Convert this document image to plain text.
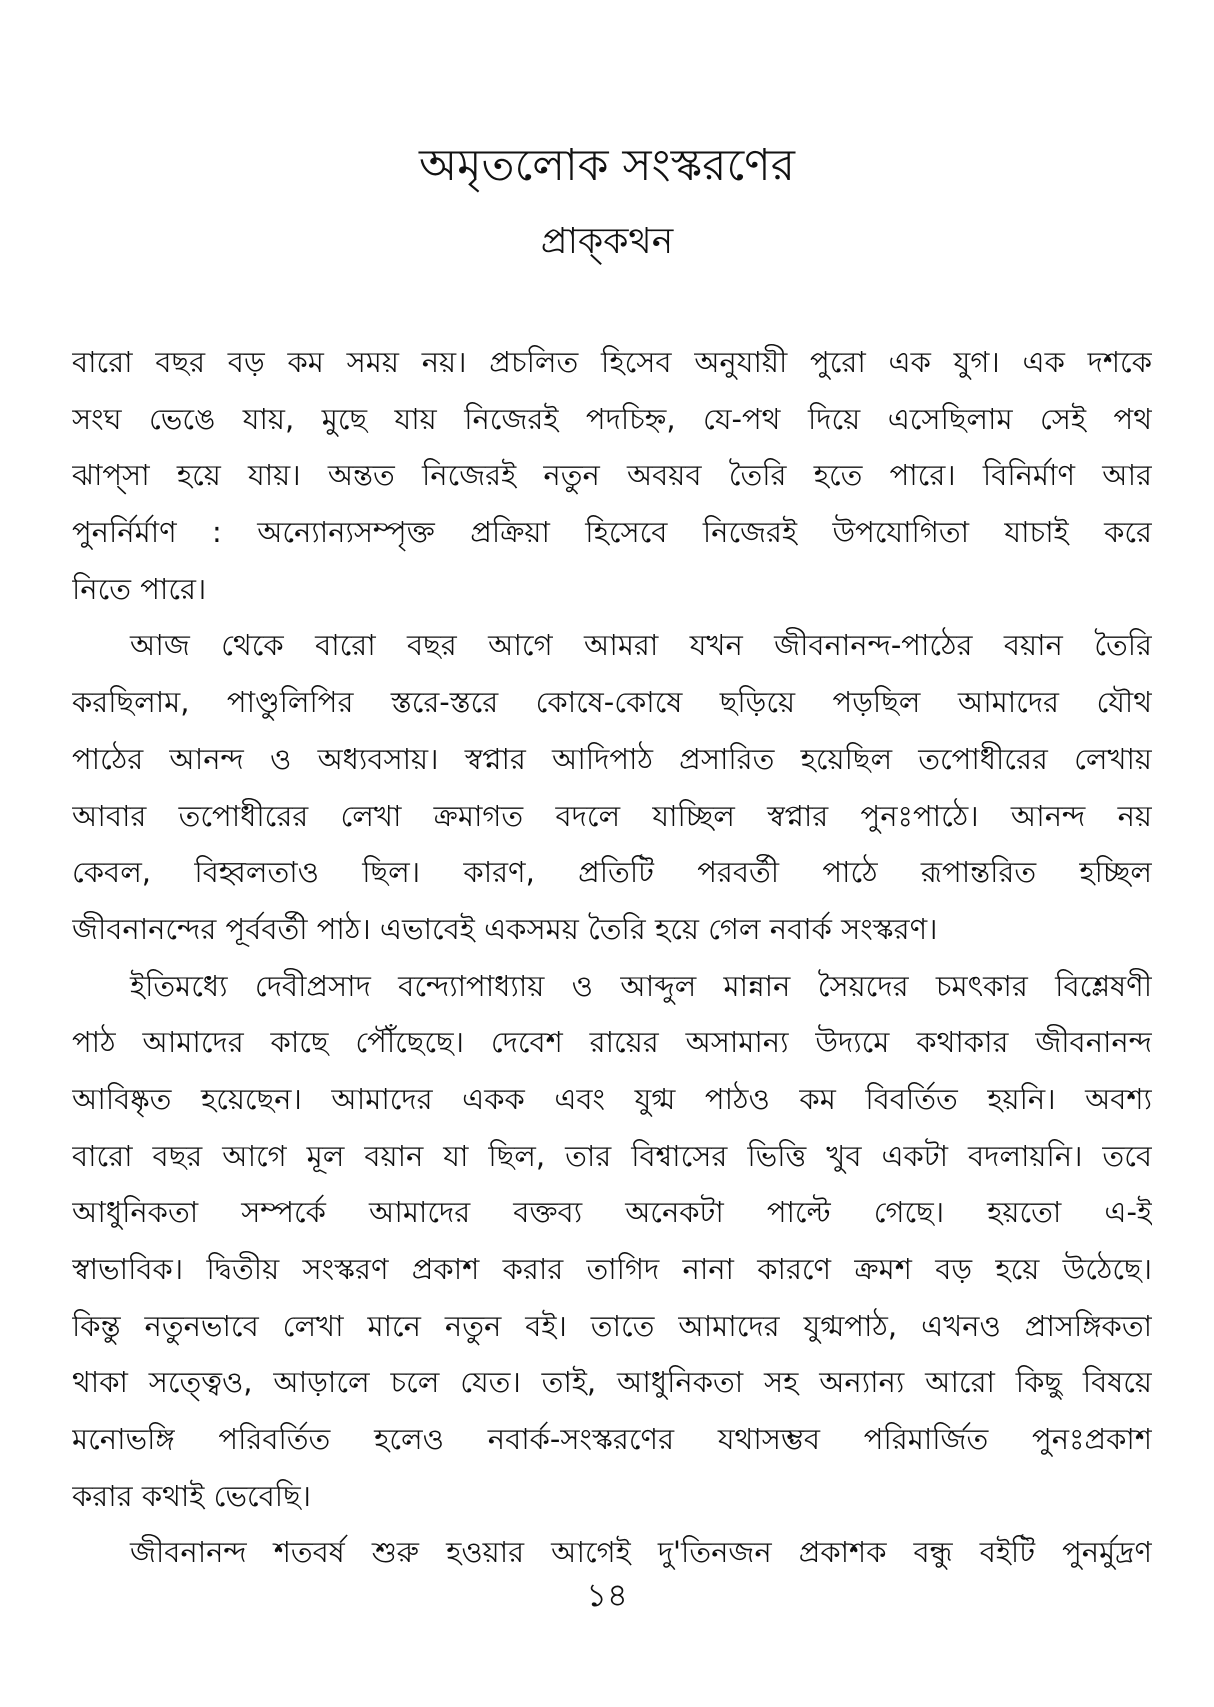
অমৃতলোক সংস্করণের
প্রাক্‌কথন
বারো বছর বড় কম সময় নয়। প্রচলিত হিসেব অনুযায়ী পুরো এক যুগ। এক দশকে
সংঘ ভেঙে যায়, মুছে যায় নিজেরই পদচিহ্ন, যে-পথ দিয়ে এসেছিলাম সেই পথ
ঝাপ্‌সা হয়ে যায়। অন্তত নিজেরই নতুন অবয়ব তৈরি হতে পারে। বিনির্মাণ আর
পুনর্নির্মাণ : অন্যোন্যসম্পৃক্ত প্রক্রিয়া হিসেবে নিজেরই উপযোগিতা যাচাই করে
নিতে পারে।
আজ থেকে বারো বছর আগে আমরা যখন জীবনানন্দ-পাঠের বয়ান তৈরি
করছিলাম, পাণ্ডুলিপির স্তরে-স্তরে কোষে-কোষে ছড়িয়ে পড়ছিল আমাদের যৌথ
পাঠের আনন্দ ও অধ্যবসায়। স্বপ্নার আদিপাঠ প্রসারিত হয়েছিল তপোধীরের লেখায়
আবার তপোধীরের লেখা ক্রমাগত বদলে যাচ্ছিল স্বপ্নার পুনঃপাঠে। আনন্দ নয়
কেবল, বিহ্বলতাও ছিল। কারণ, প্রতিটি পরবর্তী পাঠে রূপান্তরিত হচ্ছিল
জীবনানন্দের পূর্ববর্তী পাঠ। এভাবেই একসময় তৈরি হয়ে গেল নবার্ক সংস্করণ।
ইতিমধ্যে দেবীপ্রসাদ বন্দ্যোপাধ্যায় ও আব্দুল মান্নান সৈয়দের চমৎকার বিশ্লেষণী
পাঠ আমাদের কাছে পৌঁছেছে। দেবেশ রায়ের অসামান্য উদ্যমে কথাকার জীবনানন্দ
আবিষ্কৃত হয়েছেন। আমাদের একক এবং যুগ্ম পাঠও কম বিবর্তিত হয়নি। অবশ্য
বারো বছর আগে মূল বয়ান যা ছিল, তার বিশ্বাসের ভিত্তি খুব একটা বদলায়নি। তবে
আধুনিকতা সম্পর্কে আমাদের বক্তব্য অনেকটা পাল্টে গেছে। হয়তো এ-ই
স্বাভাবিক। দ্বিতীয় সংস্করণ প্রকাশ করার তাগিদ নানা কারণে ক্রমশ বড় হয়ে উঠেছে।
কিন্তু নতুনভাবে লেখা মানে নতুন বই। তাতে আমাদের যুগ্মপাঠ, এখনও প্রাসঙ্গিকতা
থাকা সত্ত্বেও, আড়ালে চলে যেত। তাই, আধুনিকতা সহ অন্যান্য আরো কিছু বিষয়ে
মনোভঙ্গি পরিবর্তিত হলেও নবার্ক-সংস্করণের যথাসম্ভব পরিমার্জিত পুনঃপ্রকাশ
করার কথাই ভেবেছি।
জীবনানন্দ শতবর্ষ শুরু হওয়ার আগেই দু'তিনজন প্রকাশক বন্ধু বইটি পুনর্মুদ্রণ
১৪
